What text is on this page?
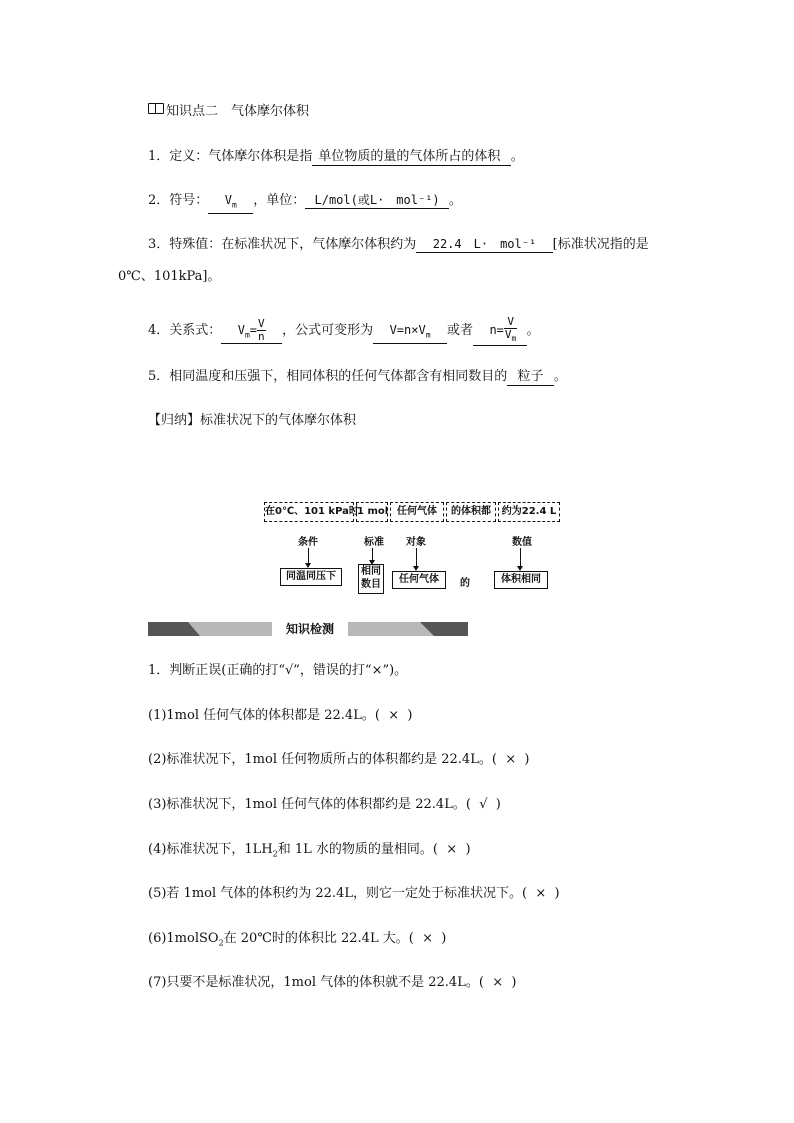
知识点二　气体摩尔体积
1．定义：气体摩尔体积是指 单位物质的量的气体所占的体积 。
2．符号： $V_m$ ，单位： L/mol(或L·　mol⁻¹) 。
3．特殊值：在标准状况下，气体摩尔体积约为 22.4　L·　mol⁻¹ [标准状况指的是
0℃、101kPa]。
4．关系式： $V_m= \frac{V}{n}$ ，公式可变形为 $V=n\times V_m$ 或者 $n= \frac{V}{V_m}$ 。
5．相同温度和压强下，相同体积的任何气体都含有相同数目的 粒子 。
【归纳】标准状况下的气体摩尔体积
在0℃、101 kPa时
1 mol 任何气体	的体积都	约为22.4 L
条件	标准 对象	数值
同温同压下	相同数目	任何气体	的	体积相同
知识检测
1．判断正误(正确的打“√”，错误的打“×”)。
(1)1mol 任何气体的体积都是 22.4L。( × )
(2)标准状况下，1mol 任何物质所占的体积都约是 22.4L。( × )
(3)标准状况下，1mol 任何气体的体积都约是 22.4L。( √ )
(4)标准状况下，$1LH_2$和 1L 水的物质的量相同。( × )
(5)若 1mol 气体的体积约为 22.4L，则它一定处于标准状况下。( × )
(6)1molSO$_2$在 20℃时的体积比 22.4L 大。( × )
(7)只要不是标准状况，1mol 气体的体积就不是 22.4L。( × )
